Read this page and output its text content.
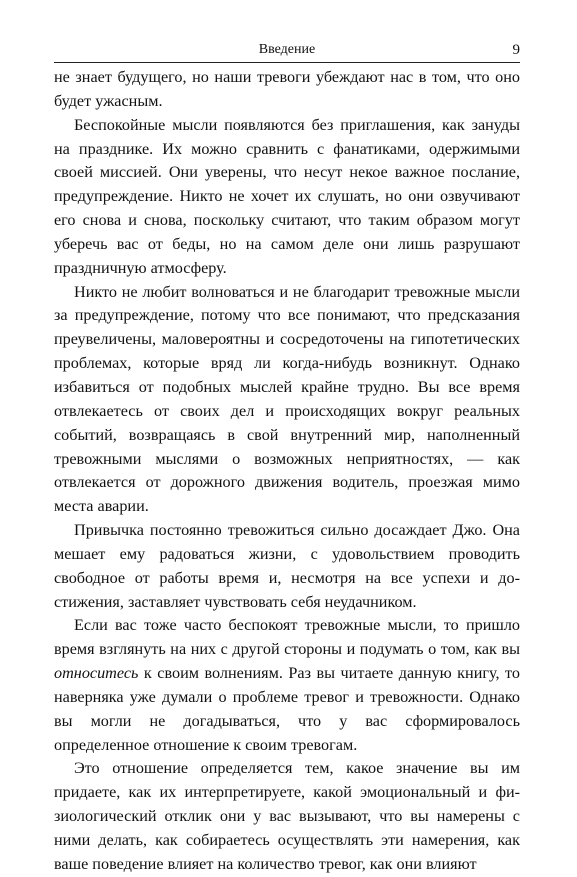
Введение	9

не знает будущего, но наши тревоги убеждают нас в том, что оно будет ужасным.

Беспокойные мысли появляются без приглашения, как зануды на празднике. Их можно сравнить с фанатиками, одержимыми своей миссией. Они уверены, что несут некое важное послание, предупреждение. Никто не хочет их слушать, но они озвучивают его снова и снова, поскольку считают, что таким образом могут уберечь вас от беды, но на самом деле они лишь разрушают праздничную атмосферу.

Никто не любит волноваться и не благодарит тревожные мысли за предупреждение, потому что все понимают, что предсказания преувеличены, маловероятны и сосредоточены на гипотетических проблемах, которые вряд ли когда-нибудь возникнут. Однако избавиться от подобных мыслей крайне трудно. Вы все время отвлекаетесь от своих дел и происходящих вокруг реальных событий, возвращаясь в свой внутренний мир, наполненный тревожными мыслями о возможных неприятностях, — как отвлекается от дорожного движения водитель, проезжая мимо места аварии.

Привычка постоянно тревожиться сильно досаждает Джо. Она мешает ему радоваться жизни, с удовольствием проводить свободное от работы время и, несмотря на все успехи и достижения, заставляет чувствовать себя неудачником.

Если вас тоже часто беспокоят тревожные мысли, то пришло время взглянуть на них с другой стороны и подумать о том, как вы относитесь к своим волнениям. Раз вы читаете данную книгу, то наверняка уже думали о проблеме тревог и тревожности. Однако вы могли не догадываться, что у вас сформировалось определенное отношение к своим тревогам.

Это отношение определяется тем, какое значение вы им придаете, как их интерпретируете, какой эмоциональный и физиологический отклик они у вас вызывают, что вы намерены с ними делать, как собираетесь осуществлять эти намерения, как ваше поведение влияет на количество тревог, как они влияют
